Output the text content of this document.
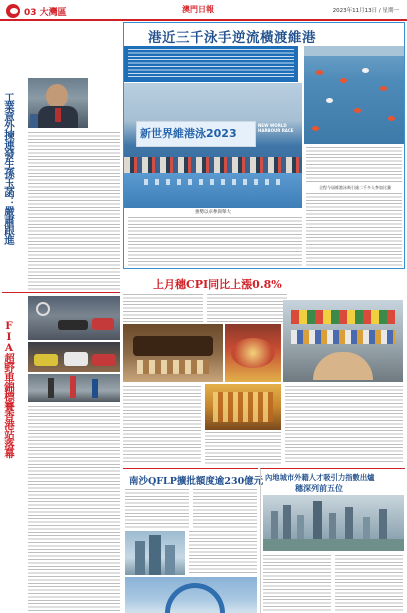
03 大灣區	澳門日報	2023年11月13日 / 星期一
工業意外揀連發生孫玉菡：嚴肅跟進
FIA超野車錦標賽香港站落幕
港近三千泳手逆流橫渡維港
新世界維港泳2023
NEW WORLD HARBOUR RACE
強勢以卓參與舉大
全程今屆維港泳吸引逾二千多人參加比賽
上月穗CPI同比上漲0.8%
南沙QFLP擴批額度逾230億元 內地城市外籍人才吸引力指數出爐
穗深列前五位
